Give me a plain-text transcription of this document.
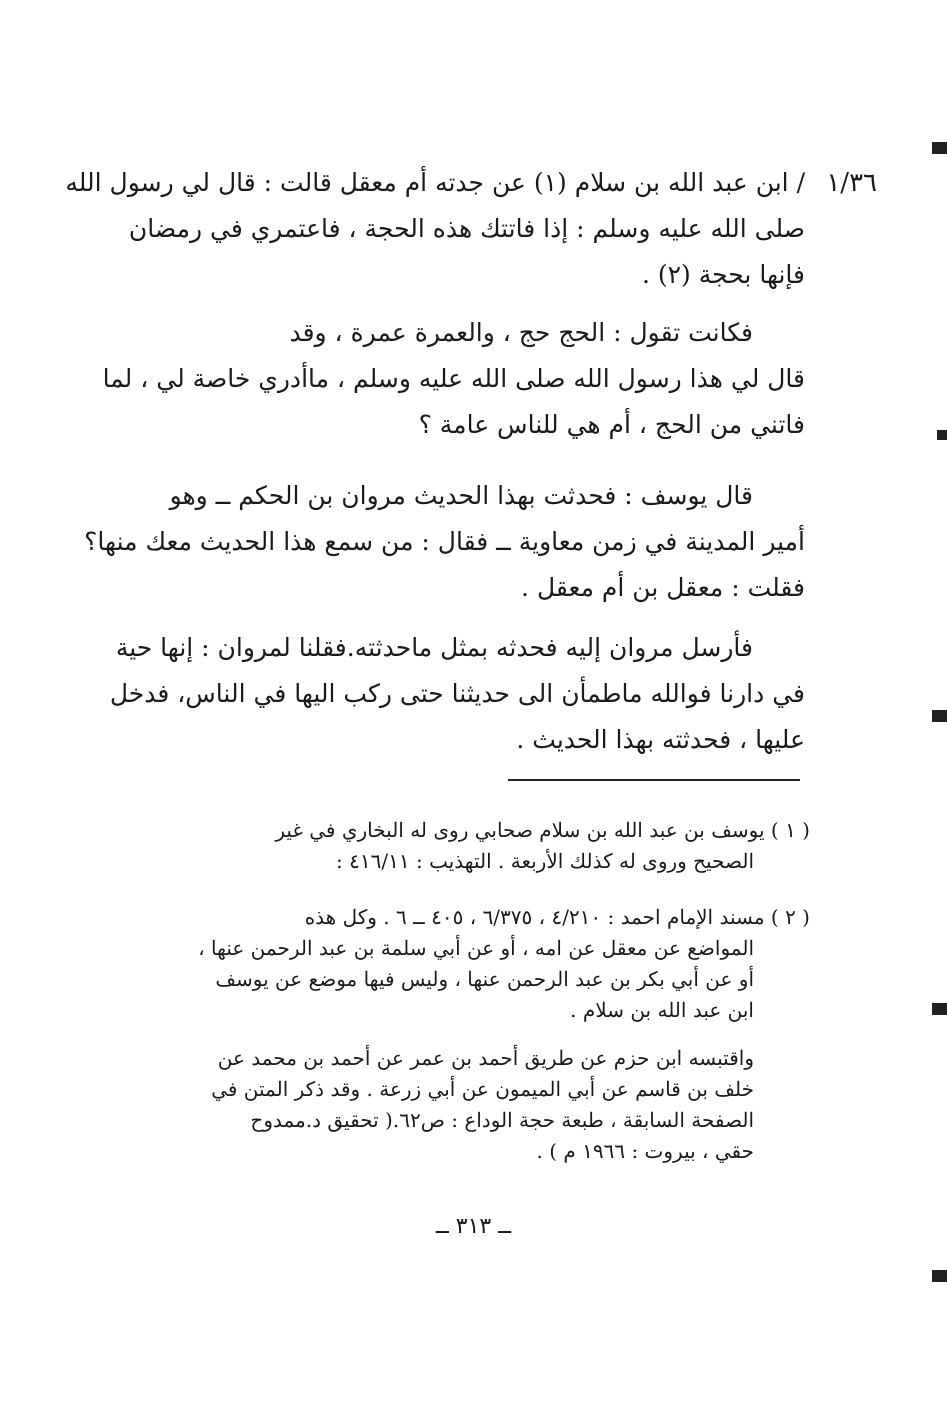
١/٣٦
/ ابن عبد الله بن سلام (١) عن جدته أم معقل قالت : قال لي رسول الله
صلى الله عليه وسلم : إذا فاتتك هذه الحجة ، فاعتمري في رمضان
فإنها بحجة (٢) .
فكانت تقول : الحج حج ، والعمرة عمرة ، وقد
قال لي هذا رسول الله صلى الله عليه وسلم ، ماأدري خاصة لي ، لما
فاتني من الحج ، أم هي للناس عامة ؟
قال يوسف : فحدثت بهذا الحديث مروان بن الحكم ــ وهو
أمير المدينة في زمن معاوية ــ فقال : من سمع هذا الحديث معك منها؟
فقلت : معقل بن أم معقل .
فأرسل مروان إليه فحدثه بمثل ماحدثته.فقلنا لمروان : إنها حية
في دارنا فوالله ماطمأن الى حديثنا حتى ركب اليها في الناس، فدخل
عليها ، فحدثته بهذا الحديث .
( ١ ) يوسف بن عبد الله بن سلام صحابي روى له البخاري في غير
الصحيح وروى له كذلك الأربعة . التهذيب : ٤١٦/١١ :
( ٢ ) مسند الإمام احمد : ٤/٢١٠ ، ٦/٣٧٥ ، ٤٠٥ ــ ٦ . وكل هذه
المواضع عن معقل عن امه ، أو عن أبي سلمة بن عبد الرحمن عنها ،
أو عن أبي بكر بن عبد الرحمن عنها ، وليس فيها موضع عن يوسف
ابن عبد الله بن سلام .
واقتبسه ابن حزم عن طريق أحمد بن عمر عن أحمد بن محمد عن
خلف بن قاسم عن أبي الميمون عن أبي زرعة . وقد ذكر المتن في
الصفحة السابقة ، طبعة حجة الوداع : ص٦٢.( تحقيق د.ممدوح
حقي ، بيروت : ١٩٦٦ م ) .
ــ ٣١٣ ــ
